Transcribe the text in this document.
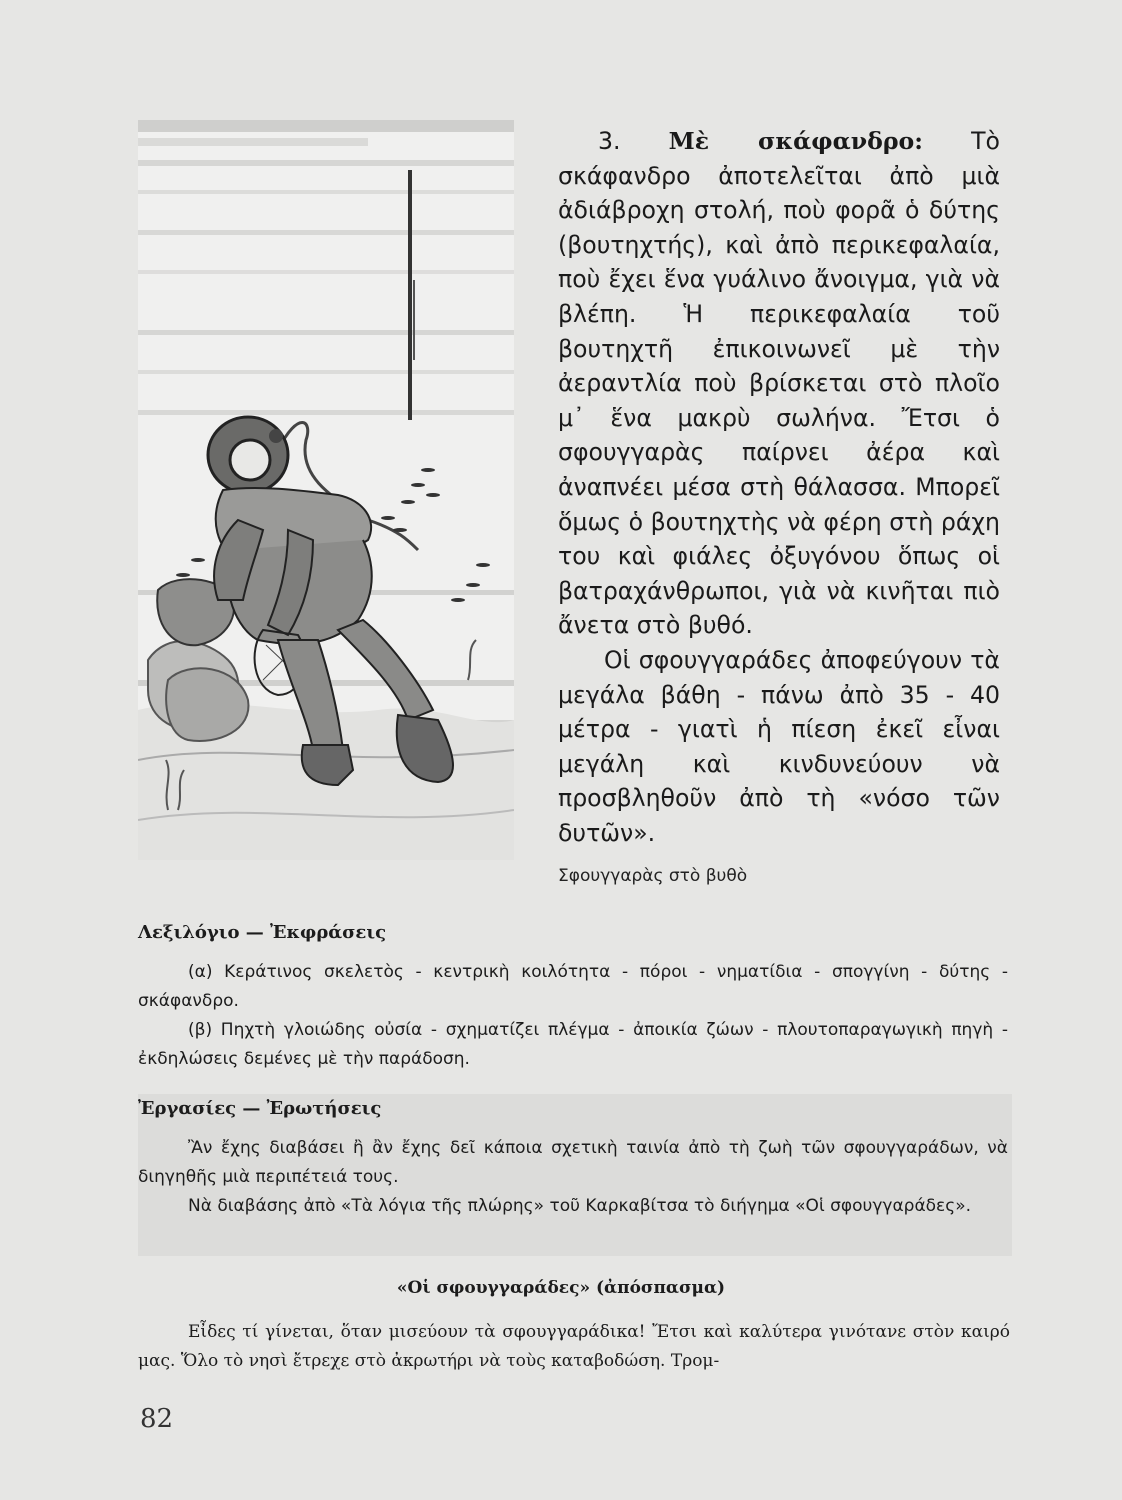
3. Μὲ σκάφανδρο: Τὸ σκάφανδρο ἀποτελεῖται ἀπὸ μιὰ ἀδιάβροχη στολή, ποὺ φορᾶ ὁ δύτης (βουτηχτής), καὶ ἀπὸ περικεφαλαία, ποὺ ἔχει ἕνα γυάλινο ἄνοιγμα, γιὰ νὰ βλέπη. Ἡ περικεφαλαία τοῦ βουτηχτῆ ἐπικοινωνεῖ μὲ τὴν ἀεραντλία ποὺ βρίσκεται στὸ πλοῖο μ᾿ ἕνα μακρὺ σωλήνα. Ἔτσι ὁ σφουγγαρὰς παίρνει ἀέρα καὶ ἀναπνέει μέσα στὴ θάλασσα. Μπορεῖ ὅμως ὁ βουτηχτὴς νὰ φέρη στὴ ράχη του καὶ φιάλες ὀξυγόνου ὅπως οἱ βατραχάνθρωποι, γιὰ νὰ κινῆται πιὸ ἄνετα στὸ βυθό.

Οἱ σφουγγαράδες ἀποφεύγουν τὰ μεγάλα βάθη - πάνω ἀπὸ 35 - 40 μέτρα - γιατὶ ἡ πίεση ἐκεῖ εἶναι μεγάλη καὶ κινδυνεύουν νὰ προσβληθοῦν ἀπὸ τὴ «νόσο τῶν δυτῶν».

Σφουγγαρὰς στὸ βυθὸ
Λεξιλόγιο — Ἐκφράσεις

(α) Κεράτινος σκελετὸς - κεντρικὴ κοιλότητα - πόροι - νηματίδια - σπογγίνη - δύτης - σκάφανδρο.

(β) Πηχτὴ γλοιώδης οὐσία - σχηματίζει πλέγμα - ἀποικία ζώων - πλουτοπαραγωγικὴ πηγὴ - ἐκδηλώσεις δεμένες μὲ τὴν παράδοση.

Ἐργασίες — Ἐρωτήσεις

Ἂν ἔχης διαβάσει ἢ ἂν ἔχης δεῖ κάποια σχετικὴ ταινία ἀπὸ τὴ ζωὴ τῶν σφουγγαράδων, νὰ διηγηθῆς μιὰ περιπέτειά τους.

Νὰ διαβάσης ἀπὸ «Τὰ λόγια τῆς πλώρης» τοῦ Καρκαβίτσα τὸ διήγημα «Οἱ σφουγγαράδες».

«Οἱ σφουγγαράδες» (ἀπόσπασμα)

Εἶδες τί γίνεται, ὅταν μισεύουν τὰ σφουγγαράδικα! Ἔτσι καὶ καλύτερα γινότανε στὸν καιρό μας. Ὅλο τὸ νησὶ ἔτρεχε στὸ ἀκρωτήρι νὰ τοὺς καταβοδώση. Τρομ-

82
